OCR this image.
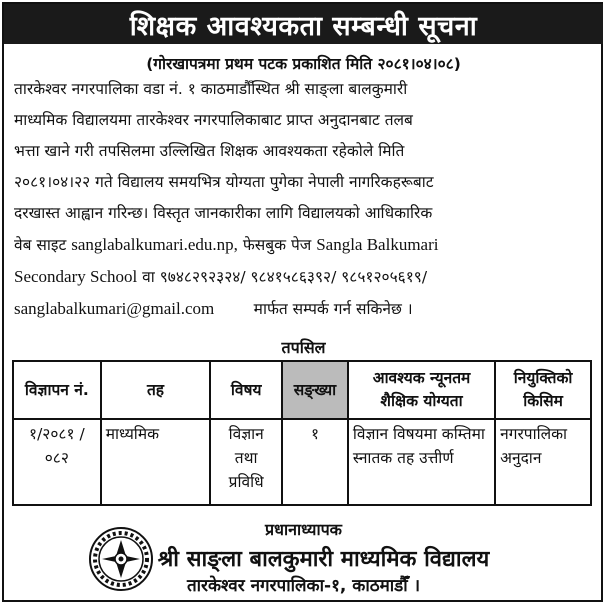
शिक्षक आवश्यकता सम्बन्धी सूचना
(गोरखापत्रमा प्रथम पटक प्रकाशित मिति २०८१।०४।०८)
तारकेश्वर नगरपालिका वडा नं. १ काठमाडौँस्थित श्री साङ्ला बालकुमारी
माध्यमिक विद्यालयमा तारकेश्वर नगरपालिकाबाट प्राप्त अनुदानबाट तलब
भत्ता खाने गरी तपसिलमा उल्लिखित शिक्षक आवश्यकता रहेकोले मिति
२०८१।०४।२२ गते विद्यालय समयभित्र योग्यता पुगेका नेपाली नागरिकहरूबाट
दरखास्त आह्वान गरिन्छ। विस्तृत जानकारीका लागि विद्यालयको आधिकारिक
वेब साइट sanglabalkumari.edu.np, फेसबुक पेज Sangla Balkumari
Secondary School वा ९७४८२९२३२४/ ९८४१५८६३९२/ ९८५१२०५६१९/
sanglabalkumari@gmail.com	मार्फत सम्पर्क गर्न सकिनेछ ।
तपसिल
विज्ञापन नं.	तह	विषय	सङ्ख्या	आवश्यक न्यूनतम शैक्षिक योग्यता	नियुक्तिको किसिम
१/२०८१ /०८२	माध्यमिक	विज्ञान तथा प्रविधि	१	विज्ञान विषयमा कम्तिमा स्नातक तह उत्तीर्ण	नगरपालिका अनुदान
प्रधानाध्यापक
श्री साङ्ला बालकुमारी माध्यमिक विद्यालय
तारकेश्वर नगरपालिका-१, काठमाडौँ ।
